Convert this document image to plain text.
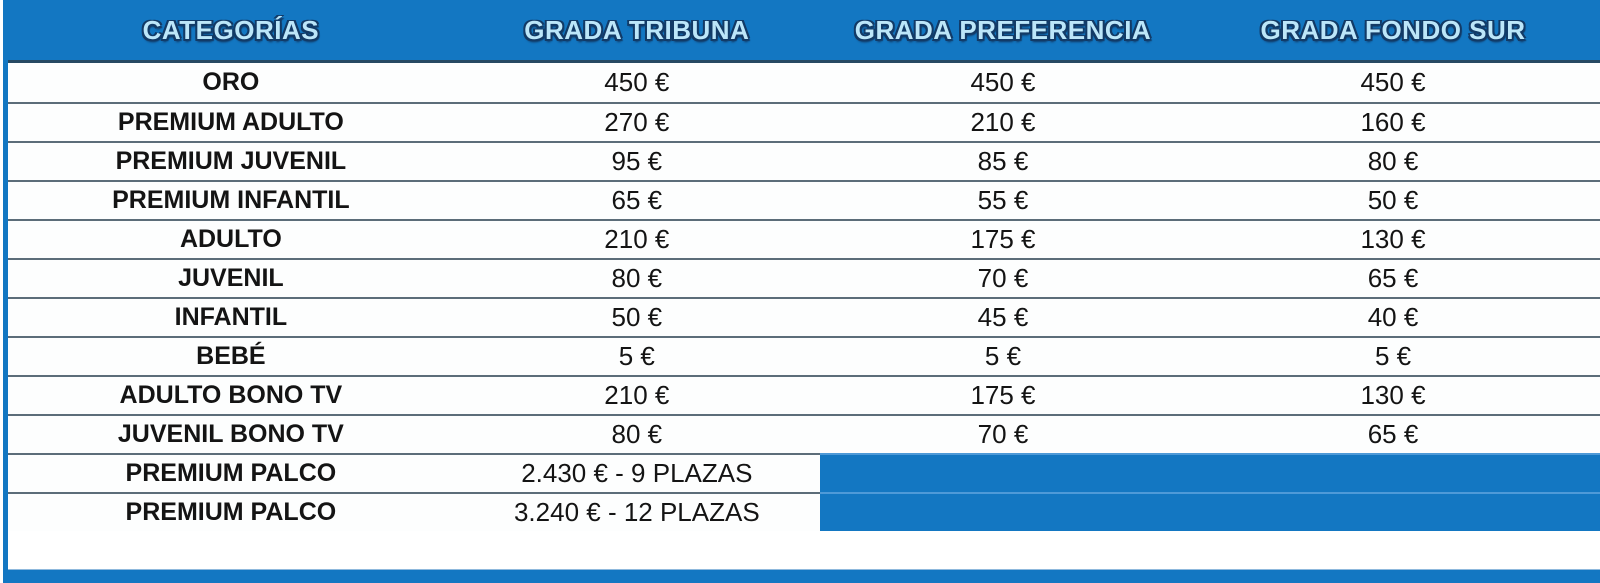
CATEGORÍAS	GRADA TRIBUNA	GRADA PREFERENCIA	GRADA FONDO SUR
ORO	450 €	450 €	450 €
PREMIUM ADULTO	270 €	210 €	160 €
PREMIUM JUVENIL	95 €	85 €	80 €
PREMIUM INFANTIL	65 €	55 €	50 €
ADULTO	210 €	175 €	130 €
JUVENIL	80 €	70 €	65 €
INFANTIL	50 €	45 €	40 €
BEBÉ	5 €	5 €	5 €
ADULTO BONO TV	210 €	175 €	130 €
JUVENIL BONO TV	80 €	70 €	65 €
PREMIUM PALCO	2.430 € - 9 PLAZAS
PREMIUM PALCO	3.240 € - 12 PLAZAS
